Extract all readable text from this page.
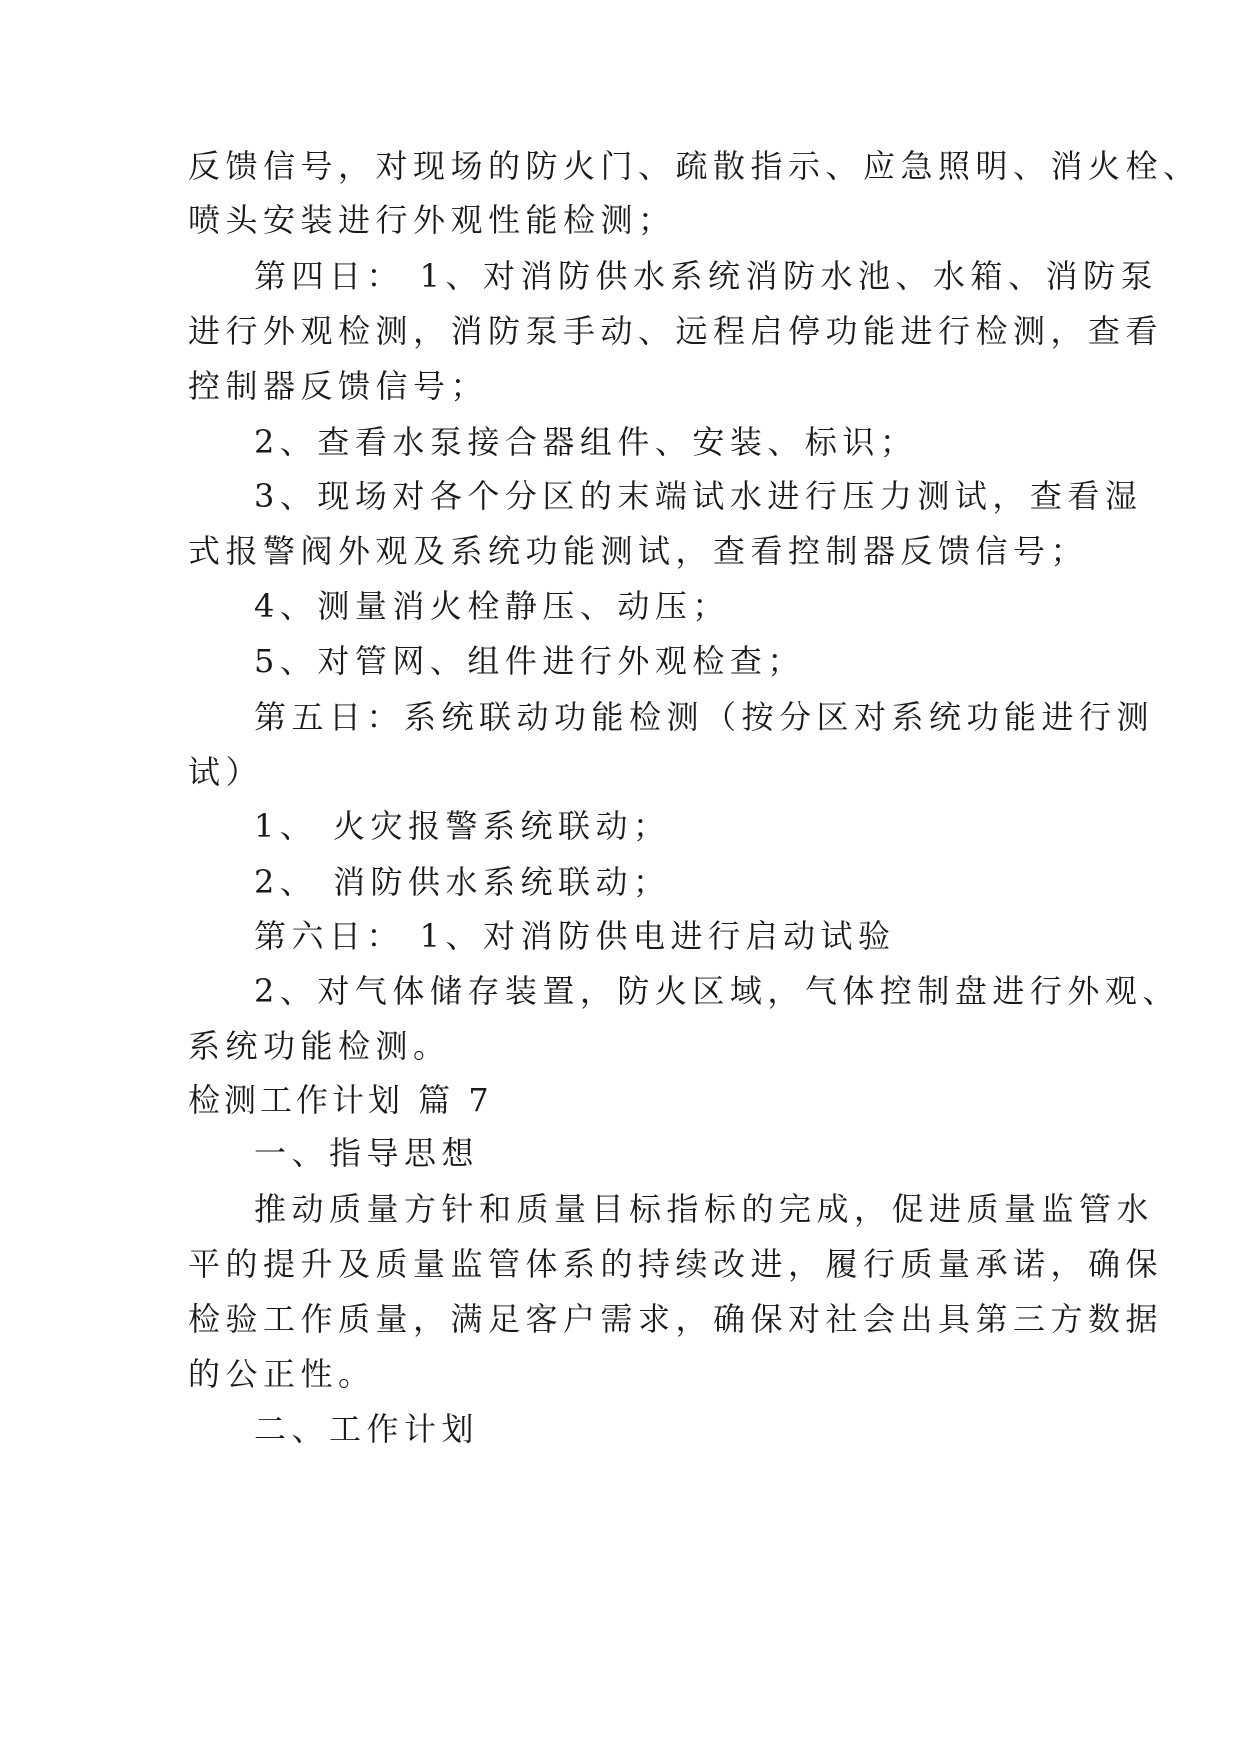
反馈信号，对现场的防火门、疏散指示、应急照明、消火栓、
喷头安装进行外观性能检测；
第四日： 1、对消防供水系统消防水池、水箱、消防泵
进行外观检测，消防泵手动、远程启停功能进行检测，查看
控制器反馈信号；
2、查看水泵接合器组件、安装、标识；
3、现场对各个分区的末端试水进行压力测试，查看湿
式报警阀外观及系统功能测试，查看控制器反馈信号；
4、测量消火栓静压、动压；
5、对管网、组件进行外观检查；
第五日：系统联动功能检测（按分区对系统功能进行测
试）
1、 火灾报警系统联动；
2、 消防供水系统联动；
第六日： 1、对消防供电进行启动试验
2、对气体储存装置，防火区域，气体控制盘进行外观、
系统功能检测。
检测工作计划 篇 7
一、指导思想
推动质量方针和质量目标指标的完成，促进质量监管水
平的提升及质量监管体系的持续改进，履行质量承诺，确保
检验工作质量，满足客户需求，确保对社会出具第三方数据
的公正性。
二、工作计划
